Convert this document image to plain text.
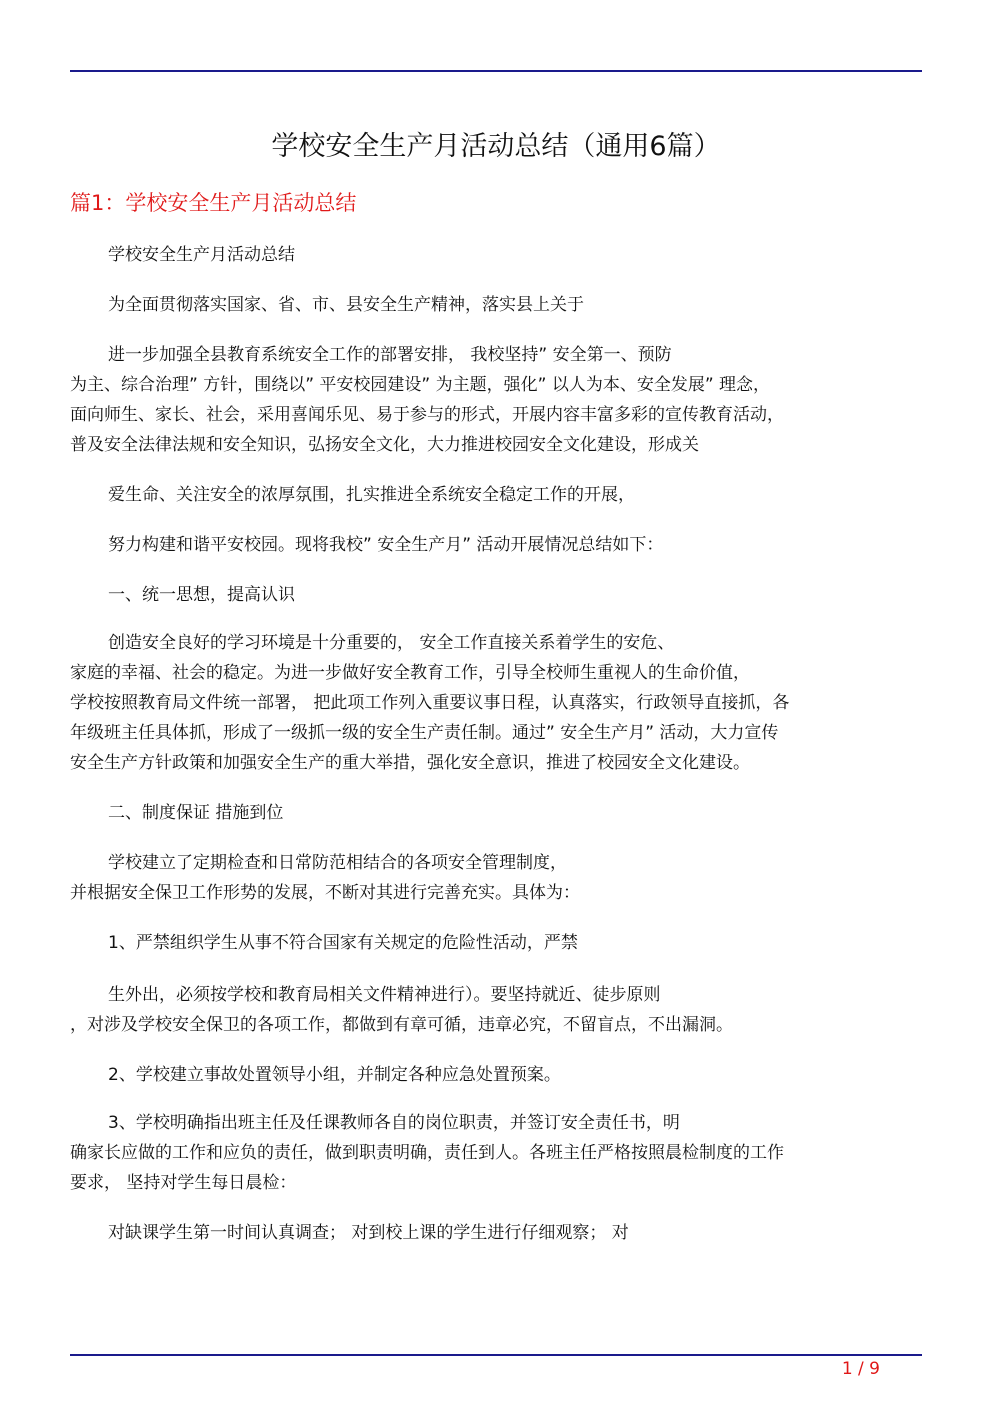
学校安全生产月活动总结（通用6篇）
篇1：学校安全生产月活动总结
学校安全生产月活动总结
为全面贯彻落实国家、省、市、县安全生产精神，落实县上关于
进一步加强全县教育系统安全工作的部署安排， 我校坚持” 安全第一、预防
为主、综合治理” 方针，围绕以” 平安校园建设” 为主题，强化” 以人为本、安全发展” 理念，
面向师生、家长、社会，采用喜闻乐见、易于参与的形式，开展内容丰富多彩的宣传教育活动，
普及安全法律法规和安全知识，弘扬安全文化，大力推进校园安全文化建设，形成关
爱生命、关注安全的浓厚氛围，扎实推进全系统安全稳定工作的开展，
努力构建和谐平安校园。现将我校” 安全生产月” 活动开展情况总结如下：
一、统一思想，提高认识
创造安全良好的学习环境是十分重要的， 安全工作直接关系着学生的安危、
家庭的幸福、社会的稳定。为进一步做好安全教育工作，引导全校师生重视人的生命价值，
学校按照教育局文件统一部署， 把此项工作列入重要议事日程，认真落实，行政领导直接抓，各
年级班主任具体抓，形成了一级抓一级的安全生产责任制。通过” 安全生产月” 活动，大力宣传
安全生产方针政策和加强安全生产的重大举措，强化安全意识，推进了校园安全文化建设。
二、制度保证 措施到位
学校建立了定期检查和日常防范相结合的各项安全管理制度，
并根据安全保卫工作形势的发展，不断对其进行完善充实。具体为：
1、严禁组织学生从事不符合国家有关规定的危险性活动，严禁
生外出，必须按学校和教育局相关文件精神进行）。要坚持就近、徒步原则
，对涉及学校安全保卫的各项工作，都做到有章可循，违章必究，不留盲点，不出漏洞。
2、学校建立事故处置领导小组，并制定各种应急处置预案。
3、学校明确指出班主任及任课教师各自的岗位职责，并签订安全责任书，明
确家长应做的工作和应负的责任，做到职责明确，责任到人。各班主任严格按照晨检制度的工作
要求， 坚持对学生每日晨检：
对缺课学生第一时间认真调查； 对到校上课的学生进行仔细观察； 对
1 / 9
